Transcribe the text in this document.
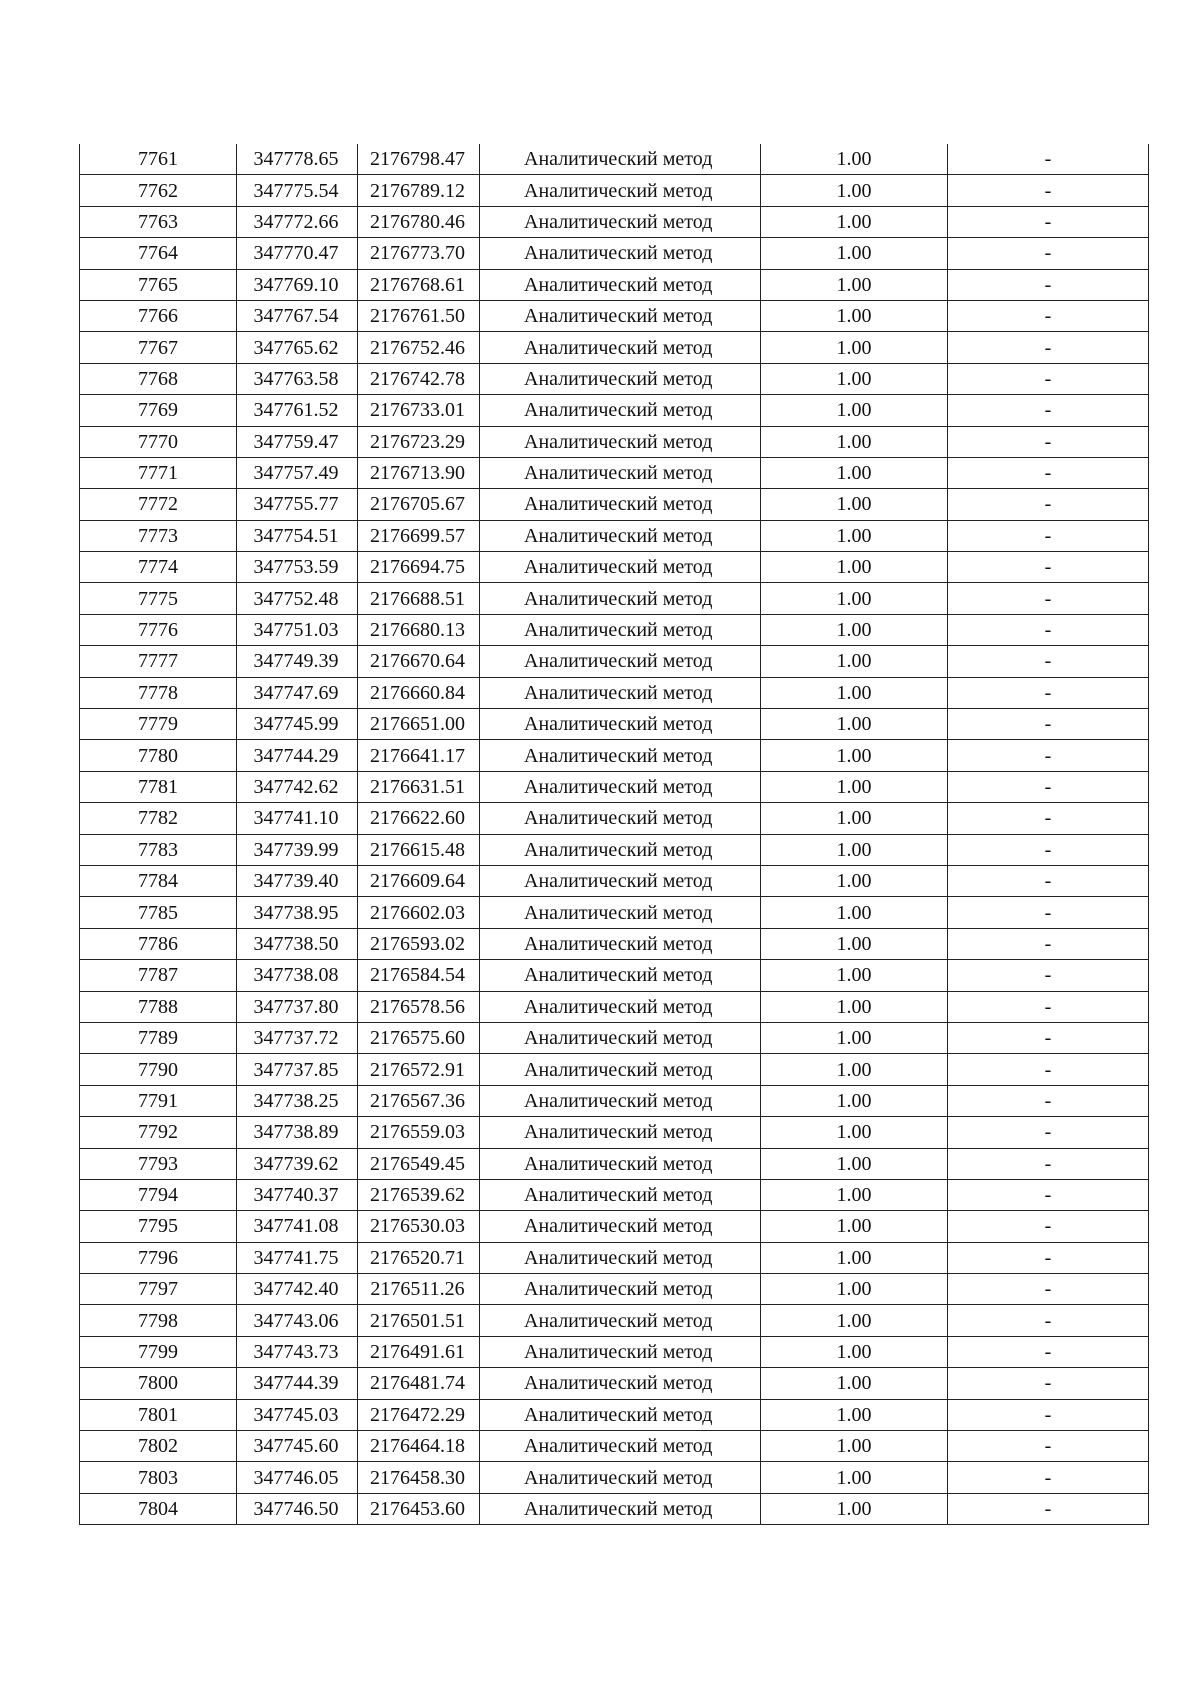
7761	347778.65	2176798.47	Аналитический метод	1.00	-
7762	347775.54	2176789.12	Аналитический метод	1.00	-
7763	347772.66	2176780.46	Аналитический метод	1.00	-
7764	347770.47	2176773.70	Аналитический метод	1.00	-
7765	347769.10	2176768.61	Аналитический метод	1.00	-
7766	347767.54	2176761.50	Аналитический метод	1.00	-
7767	347765.62	2176752.46	Аналитический метод	1.00	-
7768	347763.58	2176742.78	Аналитический метод	1.00	-
7769	347761.52	2176733.01	Аналитический метод	1.00	-
7770	347759.47	2176723.29	Аналитический метод	1.00	-
7771	347757.49	2176713.90	Аналитический метод	1.00	-
7772	347755.77	2176705.67	Аналитический метод	1.00	-
7773	347754.51	2176699.57	Аналитический метод	1.00	-
7774	347753.59	2176694.75	Аналитический метод	1.00	-
7775	347752.48	2176688.51	Аналитический метод	1.00	-
7776	347751.03	2176680.13	Аналитический метод	1.00	-
7777	347749.39	2176670.64	Аналитический метод	1.00	-
7778	347747.69	2176660.84	Аналитический метод	1.00	-
7779	347745.99	2176651.00	Аналитический метод	1.00	-
7780	347744.29	2176641.17	Аналитический метод	1.00	-
7781	347742.62	2176631.51	Аналитический метод	1.00	-
7782	347741.10	2176622.60	Аналитический метод	1.00	-
7783	347739.99	2176615.48	Аналитический метод	1.00	-
7784	347739.40	2176609.64	Аналитический метод	1.00	-
7785	347738.95	2176602.03	Аналитический метод	1.00	-
7786	347738.50	2176593.02	Аналитический метод	1.00	-
7787	347738.08	2176584.54	Аналитический метод	1.00	-
7788	347737.80	2176578.56	Аналитический метод	1.00	-
7789	347737.72	2176575.60	Аналитический метод	1.00	-
7790	347737.85	2176572.91	Аналитический метод	1.00	-
7791	347738.25	2176567.36	Аналитический метод	1.00	-
7792	347738.89	2176559.03	Аналитический метод	1.00	-
7793	347739.62	2176549.45	Аналитический метод	1.00	-
7794	347740.37	2176539.62	Аналитический метод	1.00	-
7795	347741.08	2176530.03	Аналитический метод	1.00	-
7796	347741.75	2176520.71	Аналитический метод	1.00	-
7797	347742.40	2176511.26	Аналитический метод	1.00	-
7798	347743.06	2176501.51	Аналитический метод	1.00	-
7799	347743.73	2176491.61	Аналитический метод	1.00	-
7800	347744.39	2176481.74	Аналитический метод	1.00	-
7801	347745.03	2176472.29	Аналитический метод	1.00	-
7802	347745.60	2176464.18	Аналитический метод	1.00	-
7803	347746.05	2176458.30	Аналитический метод	1.00	-
7804	347746.50	2176453.60	Аналитический метод	1.00	-
